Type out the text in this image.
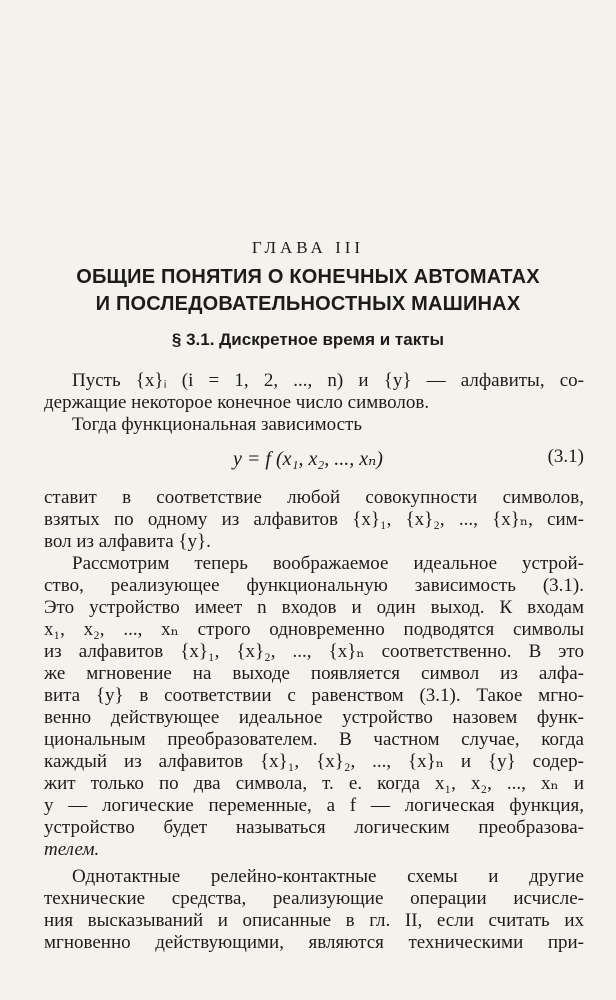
ГЛАВА III
ОБЩИЕ ПОНЯТИЯ О КОНЕЧНЫХ АВТОМАТАХ
И ПОСЛЕДОВАТЕЛЬНОСТНЫХ МАШИНАХ
§ 3.1. Дискретное время и такты
Пусть {x}ᵢ (i = 1, 2, ..., n) и {y} — алфавиты, со-
держащие некоторое конечное число символов.
Тогда функциональная зависимость
y = f (x₁, x₂, ..., xₙ)	(3.1)
ставит в соответствие любой совокупности символов,
взятых по одному из алфавитов {x}₁, {x}₂, ..., {x}ₙ, сим-
вол из алфавита {y}.
Рассмотрим теперь воображаемое идеальное устрой-
ство, реализующее функциональную зависимость (3.1).
Это устройство имеет n входов и один выход. К входам
x₁, x₂, ..., xₙ строго одновременно подводятся символы
из алфавитов {x}₁, {x}₂, ..., {x}ₙ соответственно. В это
же мгновение на выходе появляется символ из алфа-
вита {y} в соответствии с равенством (3.1). Такое мгно-
венно действующее идеальное устройство назовем функ-
циональным преобразователем. В частном случае, когда
каждый из алфавитов {x}₁, {x}₂, ..., {x}ₙ и {y} содер-
жит только по два символа, т. е. когда x₁, x₂, ..., xₙ и
y — логические переменные, а f — логическая функция,
устройство будет называться логическим преобразова-
телем.
Однотактные релейно-контактные схемы и другие
технические средства, реализующие операции исчисле-
ния высказываний и описанные в гл. II, если считать их
мгновенно действующими, являются техническими при-
